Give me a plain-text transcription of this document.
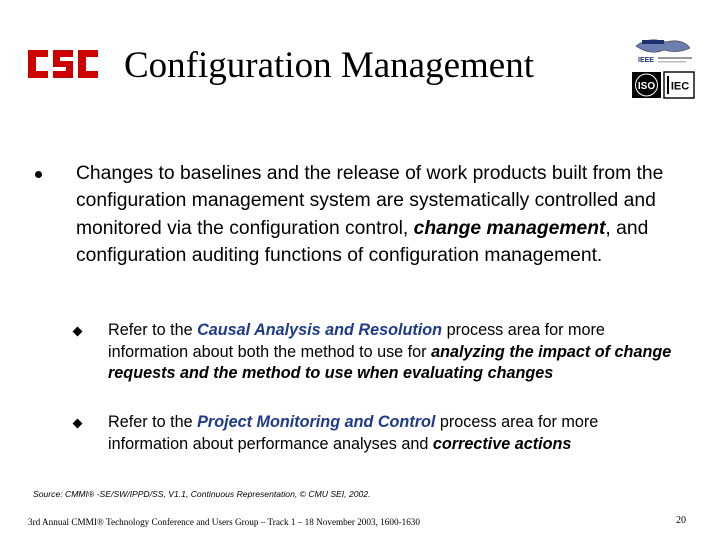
Configuration Management	IEEE
ISO IEC
Changes to baselines and the release of work products built from the configuration management system are systematically controlled and monitored via the configuration control, change management, and configuration auditing functions of configuration management.
Refer to the Causal Analysis and Resolution process area for more information about both the method to use for analyzing the impact of change requests and the method to use when evaluating changes
Refer to the Project Monitoring and Control process area for more information about performance analyses and corrective actions
Source: CMMI® -SE/SW/IPPD/SS, V1.1, Continuous Representation, © CMU SEI, 2002.
3rd Annual CMMI® Technology Conference and Users Group – Track 1 – 18 November 2003, 1600-1630	20
